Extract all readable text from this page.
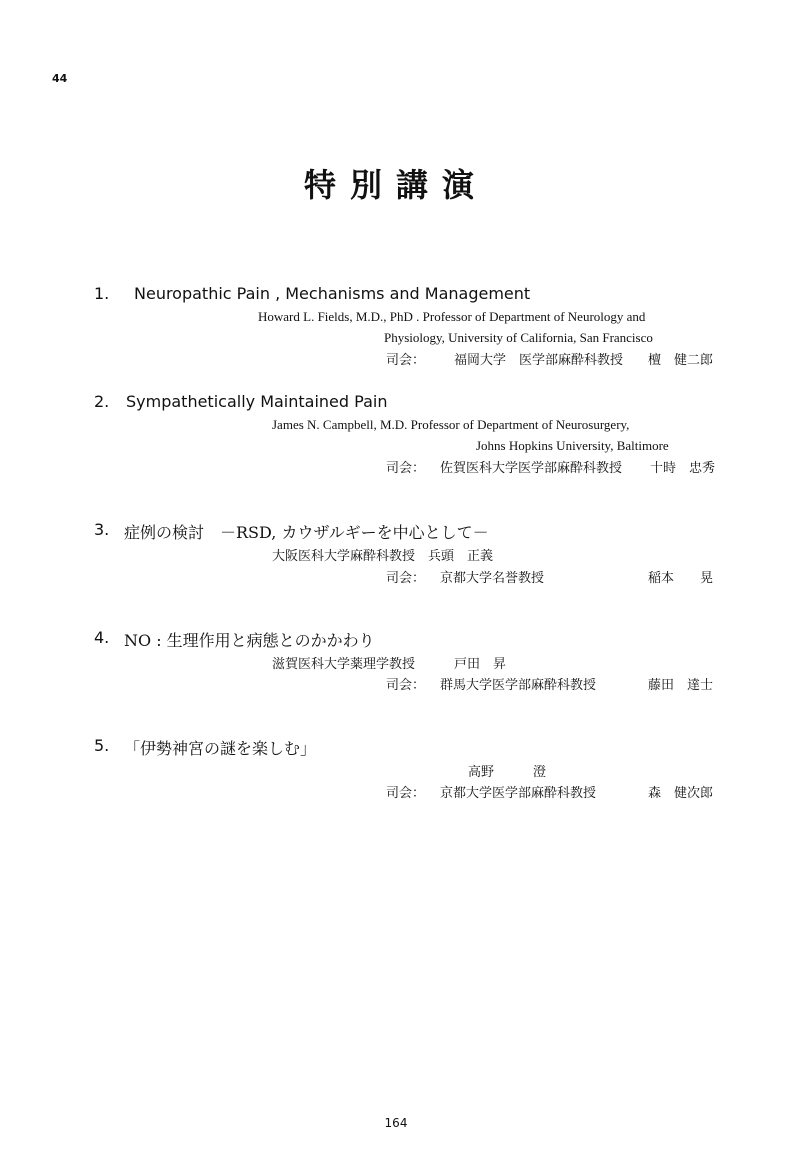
44
特別講演
1. Neuropathic Pain , Mechanisms and Management
Howard L. Fields, M.D., PhD . Professor of Department of Neurology and
Physiology, University of California, San Francisco
司会： 福岡大学　医学部麻酔科教授 檀　健二郎
2. Sympathetically Maintained Pain
James N. Campbell, M.D. Professor of Department of Neurosurgery,
Johns Hopkins University, Baltimore
司会： 佐賀医科大学医学部麻酔科教授 十時　忠秀
3. 症例の検討　－RSD, カウザルギーを中心として－
大阪医科大学麻酔科教授　兵頭　正義
司会： 京都大学名誉教授	稲本　　晃
4. NO : 生理作用と病態とのかかわり
滋賀医科大学薬理学教授　　　戸田　昇
司会： 群馬大学医学部麻酔科教授	藤田　達士
5. 「伊勢神宮の謎を楽しむ」
高野　　　澄
司会： 京都大学医学部麻酔科教授	森　健次郎
164
